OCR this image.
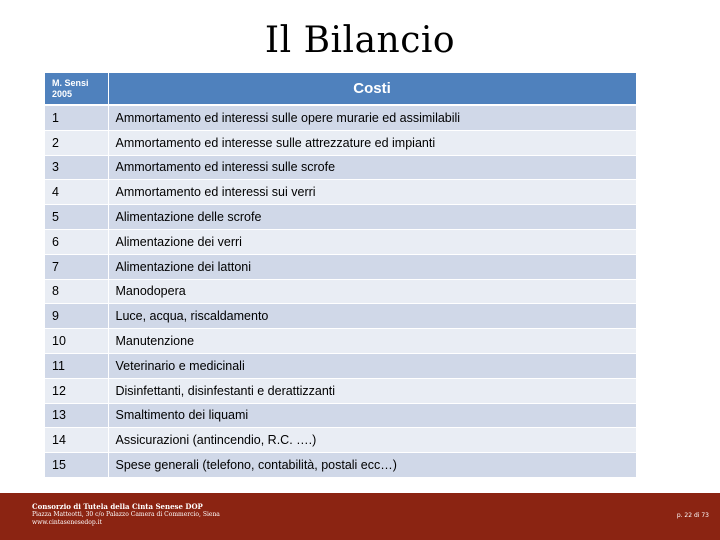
Il Bilancio
M. Sensi 2005	Costi
1	Ammortamento ed interessi sulle opere murarie ed assimilabili
2	Ammortamento ed interesse sulle attrezzature ed impianti
3	Ammortamento ed interessi sulle scrofe
4	Ammortamento ed interessi sui verri
5	Alimentazione delle scrofe
6	Alimentazione dei verri
7	Alimentazione dei lattoni
8	Manodopera
9	Luce, acqua, riscaldamento
10	Manutenzione
11	Veterinario e medicinali
12	Disinfettanti, disinfestanti e derattizzanti
13	Smaltimento dei liquami
14	Assicurazioni (antincendio, R.C. ….)
15	Spese generali (telefono, contabilità, postali ecc…)
Consorzio di Tutela della Cinta Senese DOP
Piazza Matteotti, 30 c/o Palazzo Camera di Commercio, Siena
www.cintasenesedop.it
p. 22 di 73
